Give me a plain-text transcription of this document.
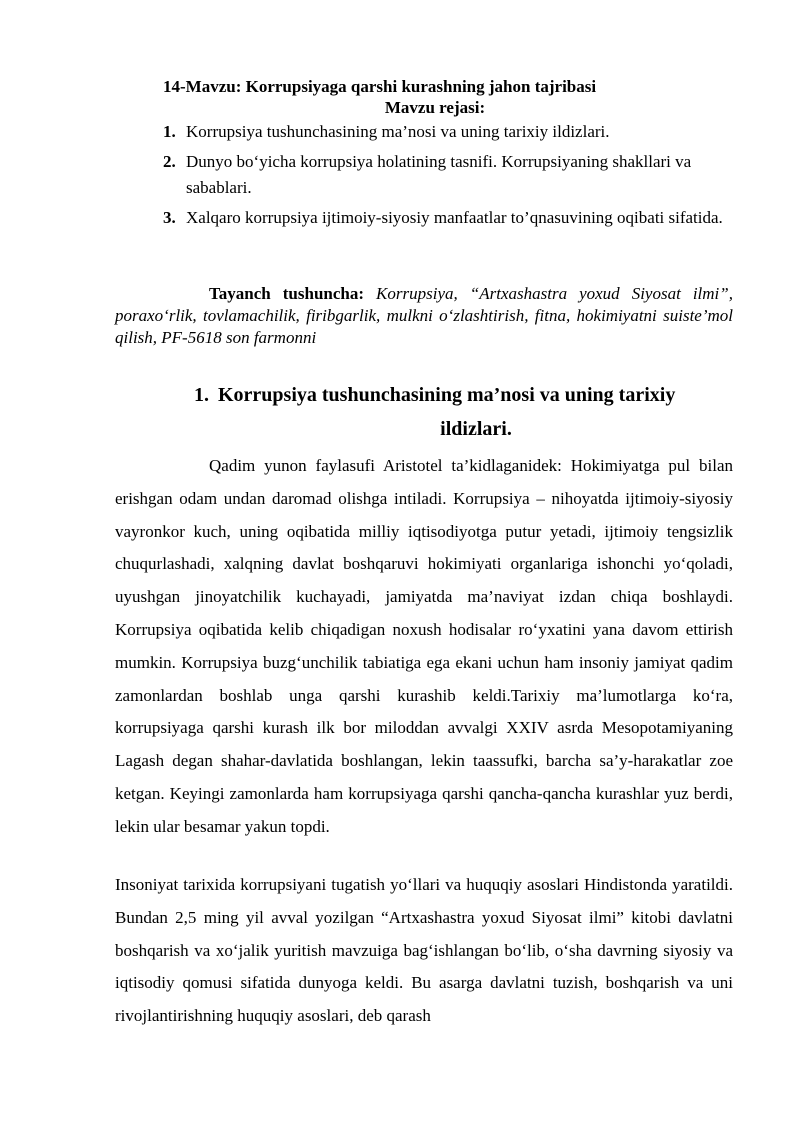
14-Mavzu: Korrupsiyaga qarshi kurashning jahon tajribasi
Mavzu rejasi:
1. Korrupsiya tushunchasining ma’nosi va uning tarixiy ildizlari.
2. Dunyo bo‘yicha korrupsiya holatining tasnifi. Korrupsiyaning shakllari va sabablari.
3. Xalqaro korrupsiya ijtimoiy-siyosiy manfaatlar to’qnasuvining oqibati sifatida.
Tayanch tushuncha: Korrupsiya, “Artxashastra yoxud Siyosat ilmi”, poraxo‘rlik, tovlamachilik, firibgarlik, mulkni o‘zlashtirish, fitna, hokimiyatni suiste’mol qilish, PF-5618 son farmonni
1. Korrupsiya tushunchasining ma’nosi va uning tarixiy
ildizlari.

Qadim yunon faylasufi Aristotel ta’kidlaganidek: Hokimiyatga pul bilan erishgan odam undan daromad olishga intiladi. Korrupsiya – nihoyatda ijtimoiy-siyosiy vayronkor kuch, uning oqibatida milliy iqtisodiyotga putur yetadi, ijtimoiy tengsizlik chuqurlashadi, xalqning davlat boshqaruvi hokimiyati organlariga ishonchi yo‘qoladi, uyushgan jinoyatchilik kuchayadi, jamiyatda ma’naviyat izdan chiqa boshlaydi. Korrupsiya oqibatida kelib chiqadigan noxush hodisalar ro‘yxatini yana davom ettirish mumkin. Korrupsiya buzg‘unchilik tabiatiga ega ekani uchun ham insoniy jamiyat qadim zamonlardan boshlab unga qarshi kurashib keldi.Tarixiy ma’lumotlarga ko‘ra, korrupsiyaga qarshi kurash ilk bor miloddan avvalgi XXIV asrda Mesopotamiyaning Lagash degan shahar-davlatida boshlangan, lekin taassufki, barcha sa’y-harakatlar zoe ketgan. Keyingi zamonlarda ham korrupsiyaga qarshi qancha-qancha kurashlar yuz berdi, lekin ular besamar yakun topdi.

Insoniyat tarixida korrupsiyani tugatish yo‘llari va huquqiy asoslari Hindistonda yaratildi. Bundan 2,5 ming yil avval yozilgan “Artxashastra yoxud Siyosat ilmi” kitobi davlatni boshqarish va xo‘jalik yuritish mavzuiga bag‘ishlangan bo‘lib, o‘sha davrning siyosiy va iqtisodiy qomusi sifatida dunyoga keldi. Bu asarga davlatni tuzish, boshqarish va uni rivojlantirishning huquqiy asoslari, deb qarash
